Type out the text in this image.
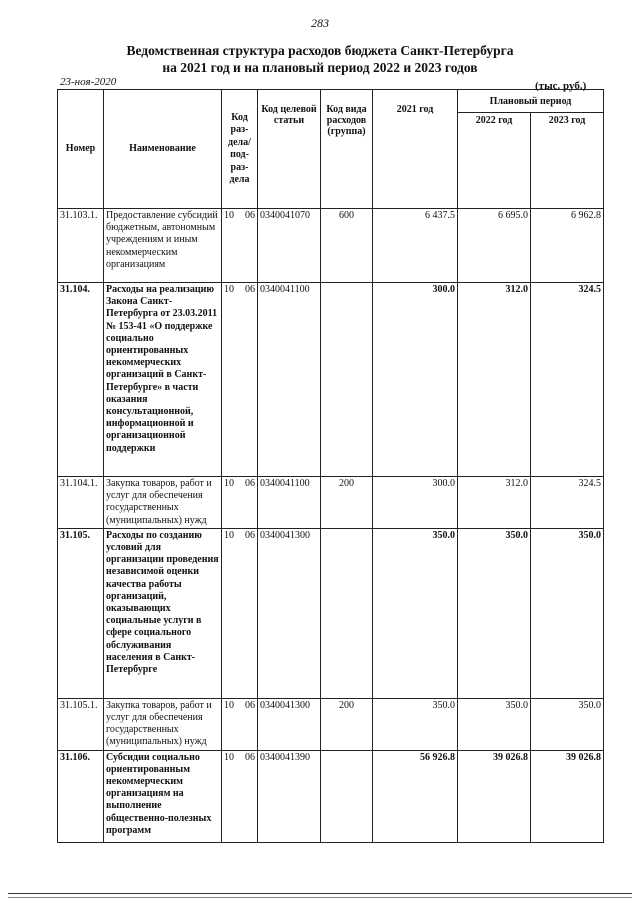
283
Ведомственная структура расходов бюджета Санкт-Петербурга
на 2021 год и на плановый период 2022 и 2023 годов
23-ноя-2020	(тыс. руб.)
Номер	Наименование	Код раз- дела/ под- раз- дела	Код целевой статьи	Код вида расходов (группа)	2021 год	Плановый период	
						2022 год	2023 год
31.103.1.	Предоставление субсидий бюджетным, автономным учреждениям и иным некоммерческим организациям	10 06	0340041070	600	6 437.5	6 695.0	6 962.8
31.104.	Расходы на реализацию Закона Санкт-Петербурга от 23.03.2011 № 153-41 «О поддержке социально ориентированных некоммерческих организаций в Санкт-Петербурге» в части оказания консультационной, информационной и организационной поддержки	10 06	0340041100		300.0	312.0	324.5
31.104.1.	Закупка товаров, работ и услуг для обеспечения государственных (муниципальных) нужд	10 06	0340041100	200	300.0	312.0	324.5
31.105.	Расходы по созданию условий для организации проведения независимой оценки качества работы организаций, оказывающих социальные услуги в сфере социального обслуживания населения в Санкт-Петербурге	10 06	0340041300		350.0	350.0	350.0
31.105.1.	Закупка товаров, работ и услуг для обеспечения государственных (муниципальных) нужд	10 06	0340041300	200	350.0	350.0	350.0
31.106.	Субсидии социально ориентированным некоммерческим организациям на выполнение общественно-полезных программ	10 06	0340041390		56 926.8	39 026.8	39 026.8
